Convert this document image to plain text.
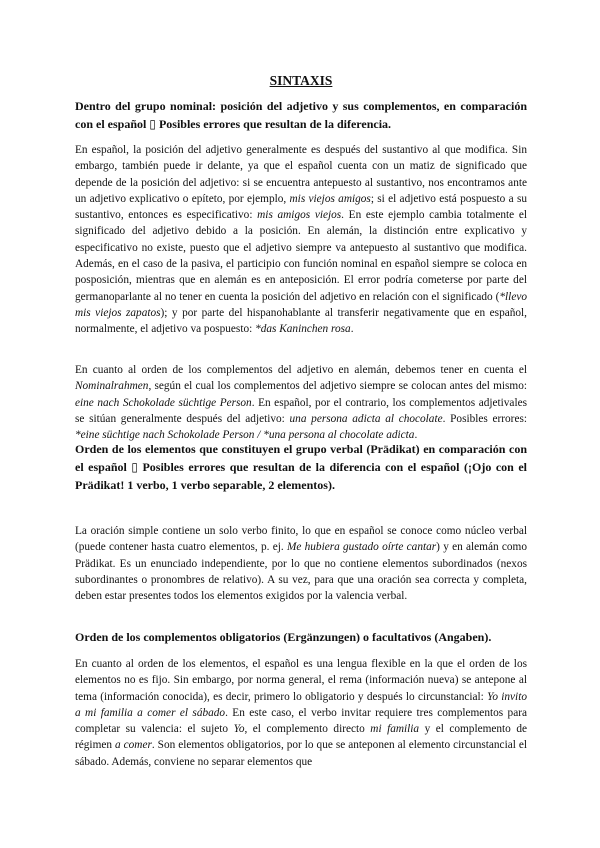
SINTAXIS
Dentro del grupo nominal: posición del adjetivo y sus complementos, en comparación con el español ▯ Posibles errores que resultan de la diferencia.

En español, la posición del adjetivo generalmente es después del sustantivo al que modifica. Sin embargo, también puede ir delante, ya que el español cuenta con un matiz de significado que depende de la posición del adjetivo: si se encuentra antepuesto al sustantivo, nos encontramos ante un adjetivo explicativo o epíteto, por ejemplo, mis viejos amigos; si el adjetivo está pospuesto a su sustantivo, entonces es especificativo: mis amigos viejos. En este ejemplo cambia totalmente el significado del adjetivo debido a la posición. En alemán, la distinción entre explicativo y especificativo no existe, puesto que el adjetivo siempre va antepuesto al sustantivo que modifica. Además, en el caso de la pasiva, el participio con función nominal en español siempre se coloca en posposición, mientras que en alemán es en anteposición. El error podría cometerse por parte del germanoparlante al no tener en cuenta la posición del adjetivo en relación con el significado (*llevo mis viejos zapatos); y por parte del hispanohablante al transferir negativamente que en español, normalmente, el adjetivo va pospuesto: *das Kaninchen rosa.

En cuanto al orden de los complementos del adjetivo en alemán, debemos tener en cuenta el Nominalrahmen, según el cual los complementos del adjetivo siempre se colocan antes del mismo: eine nach Schokolade süchtige Person. En español, por el contrario, los complementos adjetivales se sitúan generalmente después del adjetivo: una persona adicta al chocolate. Posibles errores: *eine süchtige nach Schokolade Person / *una persona al chocolate adicta.

Orden de los elementos que constituyen el grupo verbal (Prädikat) en comparación con el español ▯ Posibles errores que resultan de la diferencia con el español (¡Ojo con el Prädikat! 1 verbo, 1 verbo separable, 2 elementos).

La oración simple contiene un solo verbo finito, lo que en español se conoce como núcleo verbal (puede contener hasta cuatro elementos, p. ej. Me hubiera gustado oírte cantar) y en alemán como Prädikat. Es un enunciado independiente, por lo que no contiene elementos subordinados (nexos subordinantes o pronombres de relativo). A su vez, para que una oración sea correcta y completa, deben estar presentes todos los elementos exigidos por la valencia verbal.

Orden de los complementos obligatorios (Ergänzungen) o facultativos (Angaben).

En cuanto al orden de los elementos, el español es una lengua flexible en la que el orden de los elementos no es fijo. Sin embargo, por norma general, el rema (información nueva) se antepone al tema (información conocida), es decir, primero lo obligatorio y después lo circunstancial: Yo invito a mi familia a comer el sábado. En este caso, el verbo invitar requiere tres complementos para completar su valencia: el sujeto Yo, el complemento directo mi familia y el complemento de régimen a comer. Son elementos obligatorios, por lo que se anteponen al elemento circunstancial el sábado. Además, conviene no separar elementos que
